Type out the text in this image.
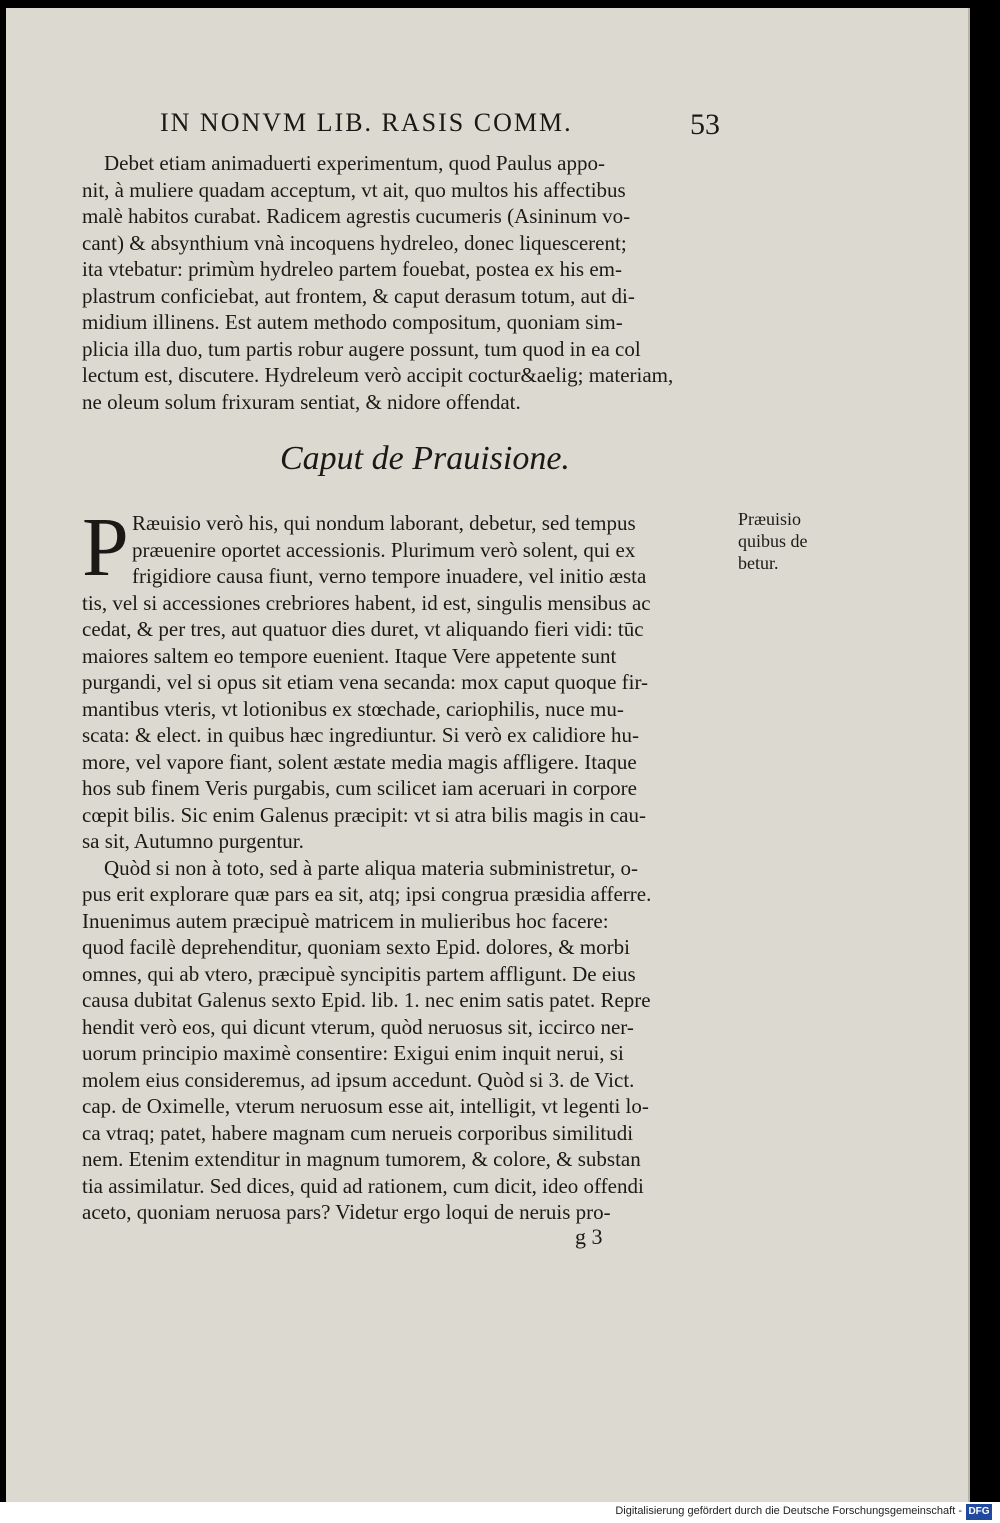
IN NONVM LIB. RASIS COMM.	53
Debet etiam animaduerti experimentum, quod Paulus appo-
nit, à muliere quadam acceptum, vt ait, quo multos his affectibus
malè habitos curabat. Radicem agrestis cucumeris (Asininum vo-
cant) & absynthium vnà incoquens hydreleo, donec liquescerent;
ita vtebatur: primùm hydreleo partem fouebat, postea ex his em-
plastrum conficiebat, aut frontem, & caput derasum totum, aut di-
midium illinens. Est autem methodo compositum, quoniam sim-
plicia illa duo, tum partis robur augere possunt, tum quod in ea col
lectum est, discutere. Hydreleum verò accipit coctur&aelig; materiam,
ne oleum solum frixuram sentiat, & nidore offendat.
Caput de Prauisione.
P	Præuisio
quibus de
betur.
Ræuisio verò his, qui nondum laborant, debetur, sed tempus
præuenire oportet accessionis. Plurimum verò solent, qui ex
frigidiore causa fiunt, verno tempore inuadere, vel initio æsta
tis, vel si accessiones crebriores habent, id est, singulis mensibus ac
cedat, & per tres, aut quatuor dies duret, vt aliquando fieri vidi: tūc
maiores saltem eo tempore euenient. Itaque Vere appetente sunt
purgandi, vel si opus sit etiam vena secanda: mox caput quoque fir-
mantibus vteris, vt lotionibus ex stœchade, cariophilis, nuce mu-
scata: & elect. in quibus hæc ingrediuntur. Si verò ex calidiore hu-
more, vel vapore fiant, solent æstate media magis affligere. Itaque
hos sub finem Veris purgabis, cum scilicet iam aceruari in corpore
cœpit bilis. Sic enim Galenus præcipit: vt si atra bilis magis in cau-
sa sit, Autumno purgentur.
Quòd si non à toto, sed à parte aliqua materia subministretur, o-
pus erit explorare quæ pars ea sit, atq; ipsi congrua præsidia afferre.
Inuenimus autem præcipuè matricem in mulieribus hoc facere:
quod facilè deprehenditur, quoniam sexto Epid. dolores, & morbi
omnes, qui ab vtero, præcipuè syncipitis partem affligunt. De eius
causa dubitat Galenus sexto Epid. lib. 1. nec enim satis patet. Repre
hendit verò eos, qui dicunt vterum, quòd neruosus sit, iccirco ner-
uorum principio maximè consentire: Exigui enim inquit nerui, si
molem eius consideremus, ad ipsum accedunt. Quòd si 3. de Vict.
cap. de Oximelle, vterum neruosum esse ait, intelligit, vt legenti lo-
ca vtraq; patet, habere magnam cum nerueis corporibus similitudi
nem. Etenim extenditur in magnum tumorem, & colore, & substan
tia assimilatur. Sed dices, quid ad rationem, cum dicit, ideo offendi
aceto, quoniam neruosa pars? Videtur ergo loqui de neruis pro-
g 3
Digitalisierung gefördert durch die Deutsche Forschungsgemeinschaft - DFG
